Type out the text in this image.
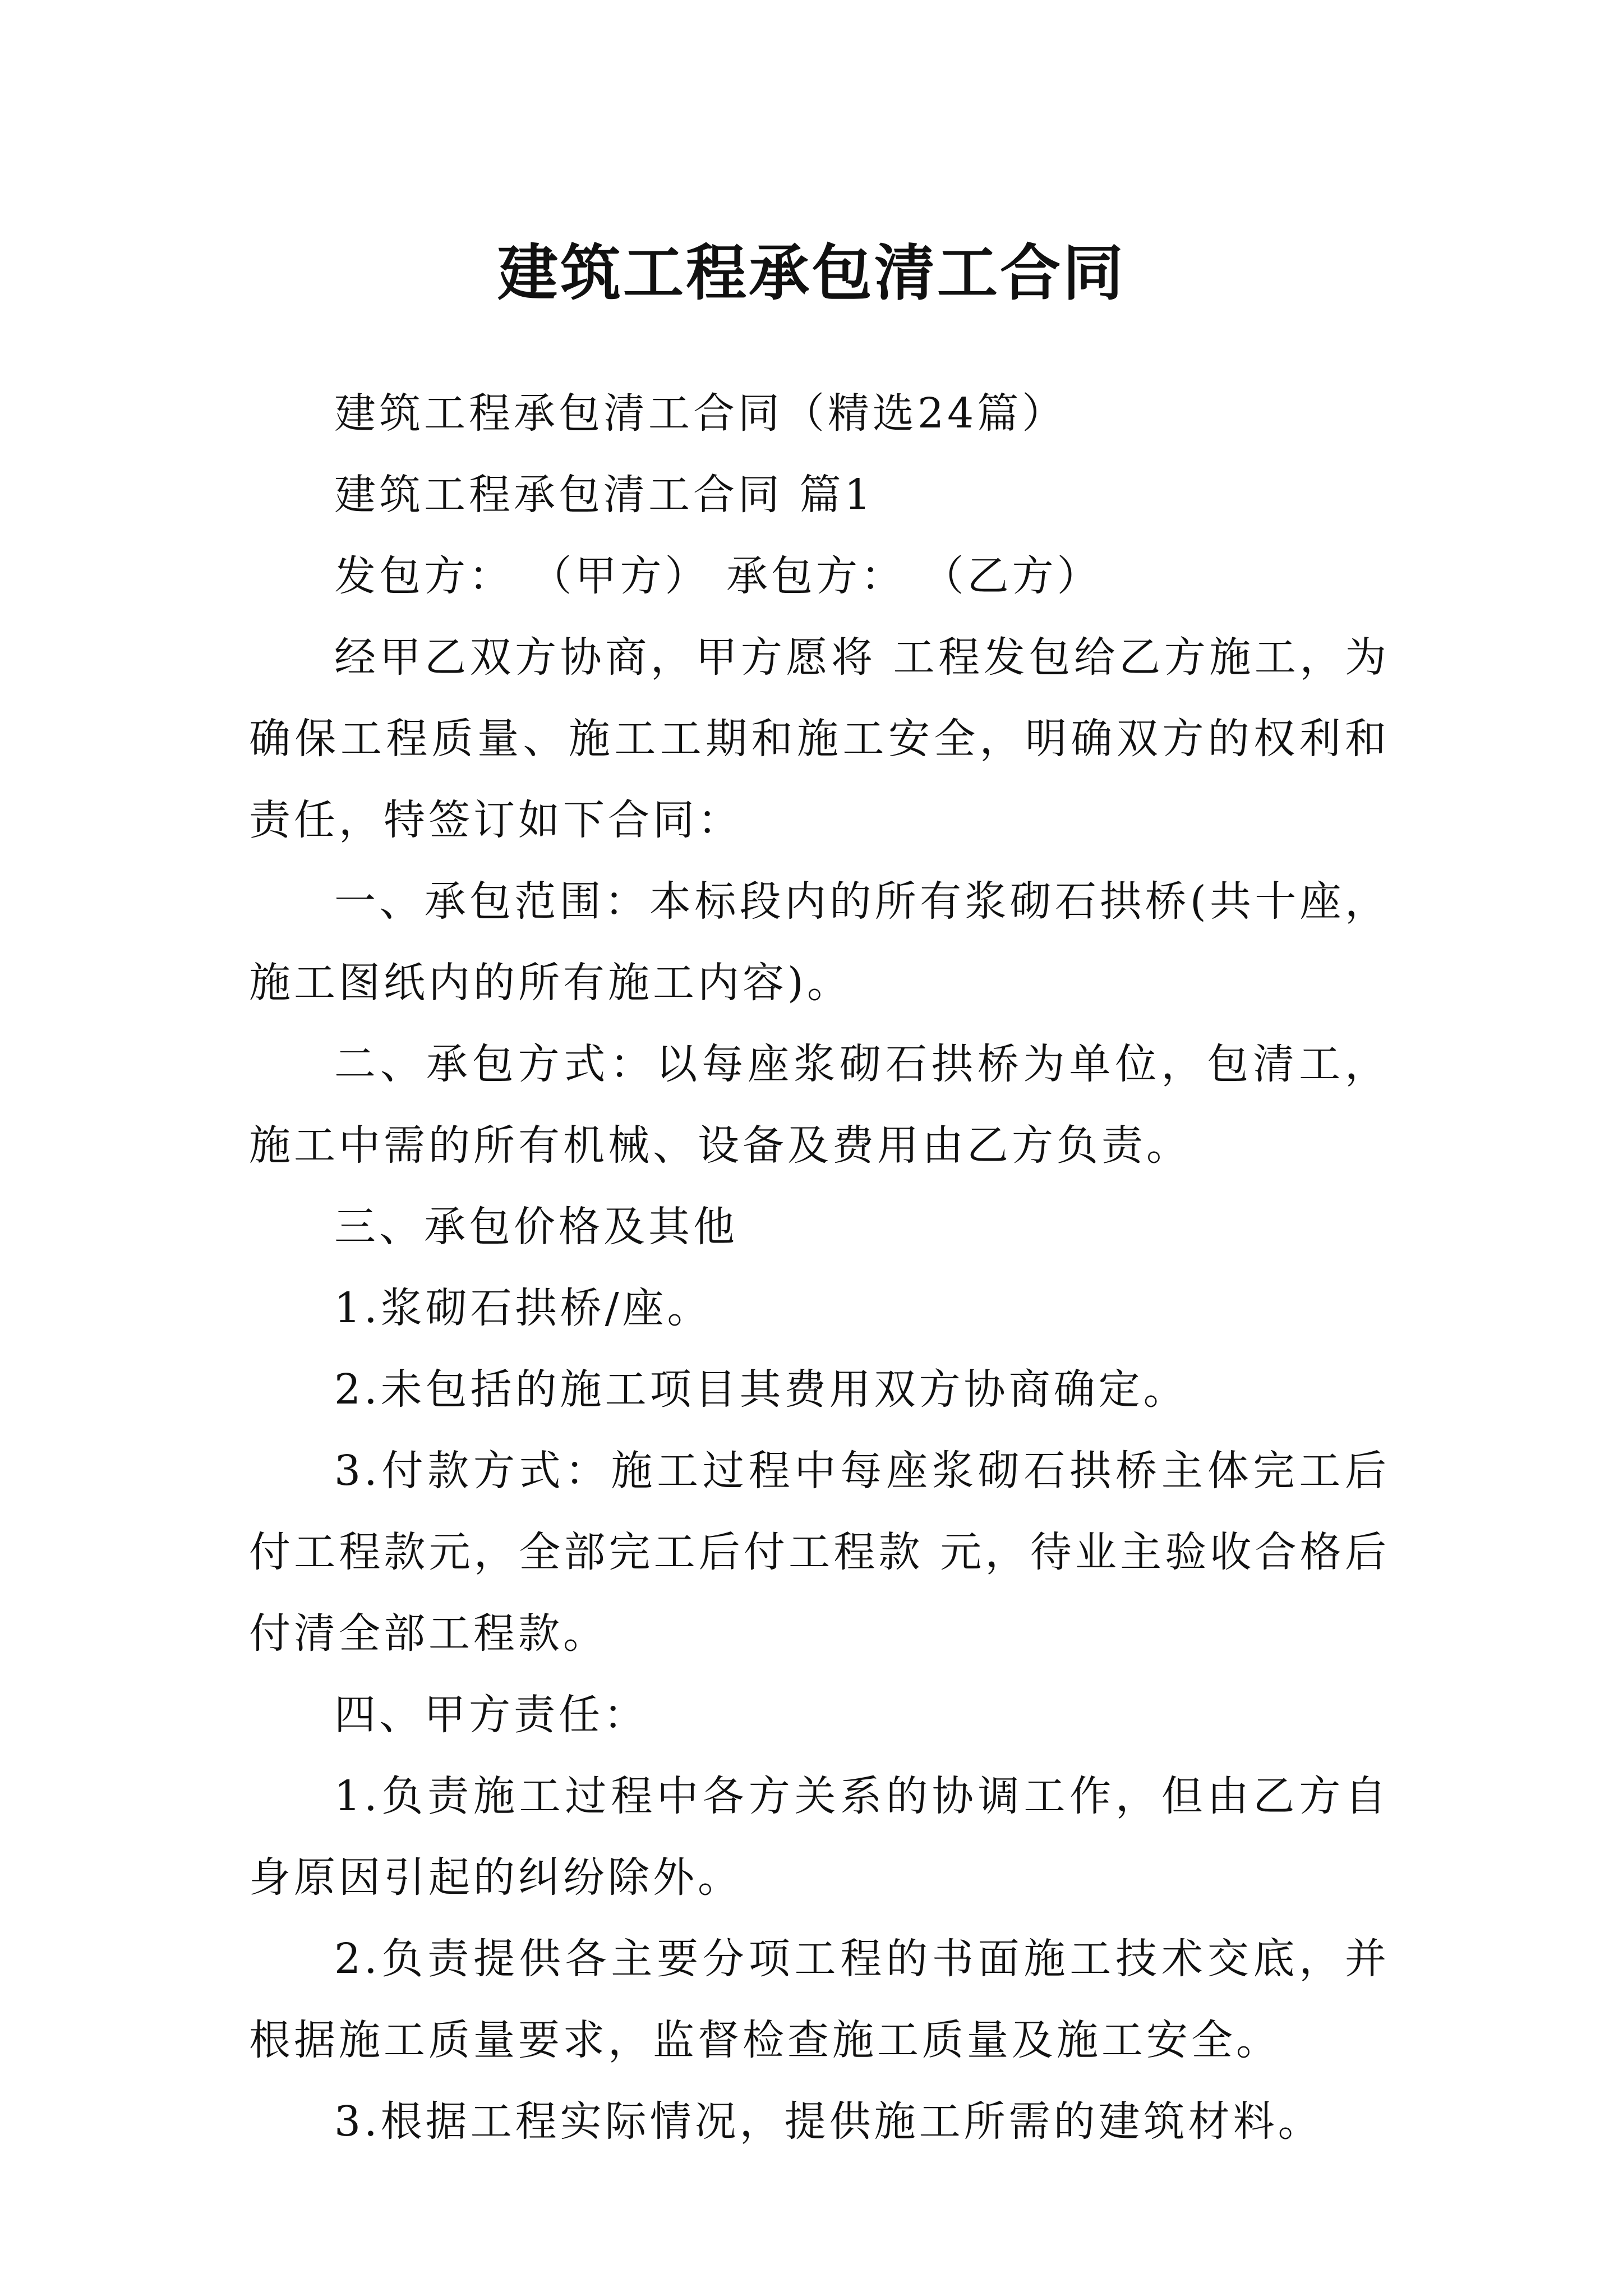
建筑工程承包清工合同

建筑工程承包清工合同（精选24篇）

建筑工程承包清工合同 篇1

发包方： （甲方） 承包方： （乙方）

经甲乙双方协商，甲方愿将 工程发包给乙方施工，为确保工程质量、施工工期和施工安全，明确双方的权利和责任，特签订如下合同：

一、承包范围：本标段内的所有浆砌石拱桥(共十座，施工图纸内的所有施工内容)。

二、承包方式：以每座浆砌石拱桥为单位，包清工，施工中需的所有机械、设备及费用由乙方负责。

三、承包价格及其他

1.浆砌石拱桥/座。

2.未包括的施工项目其费用双方协商确定。

3.付款方式：施工过程中每座浆砌石拱桥主体完工后付工程款元，全部完工后付工程款 元，待业主验收合格后付清全部工程款。

四、甲方责任：

1.负责施工过程中各方关系的协调工作，但由乙方自身原因引起的纠纷除外。

2.负责提供各主要分项工程的书面施工技术交底，并根据施工质量要求，监督检查施工质量及施工安全。

3.根据工程实际情况，提供施工所需的建筑材料。
